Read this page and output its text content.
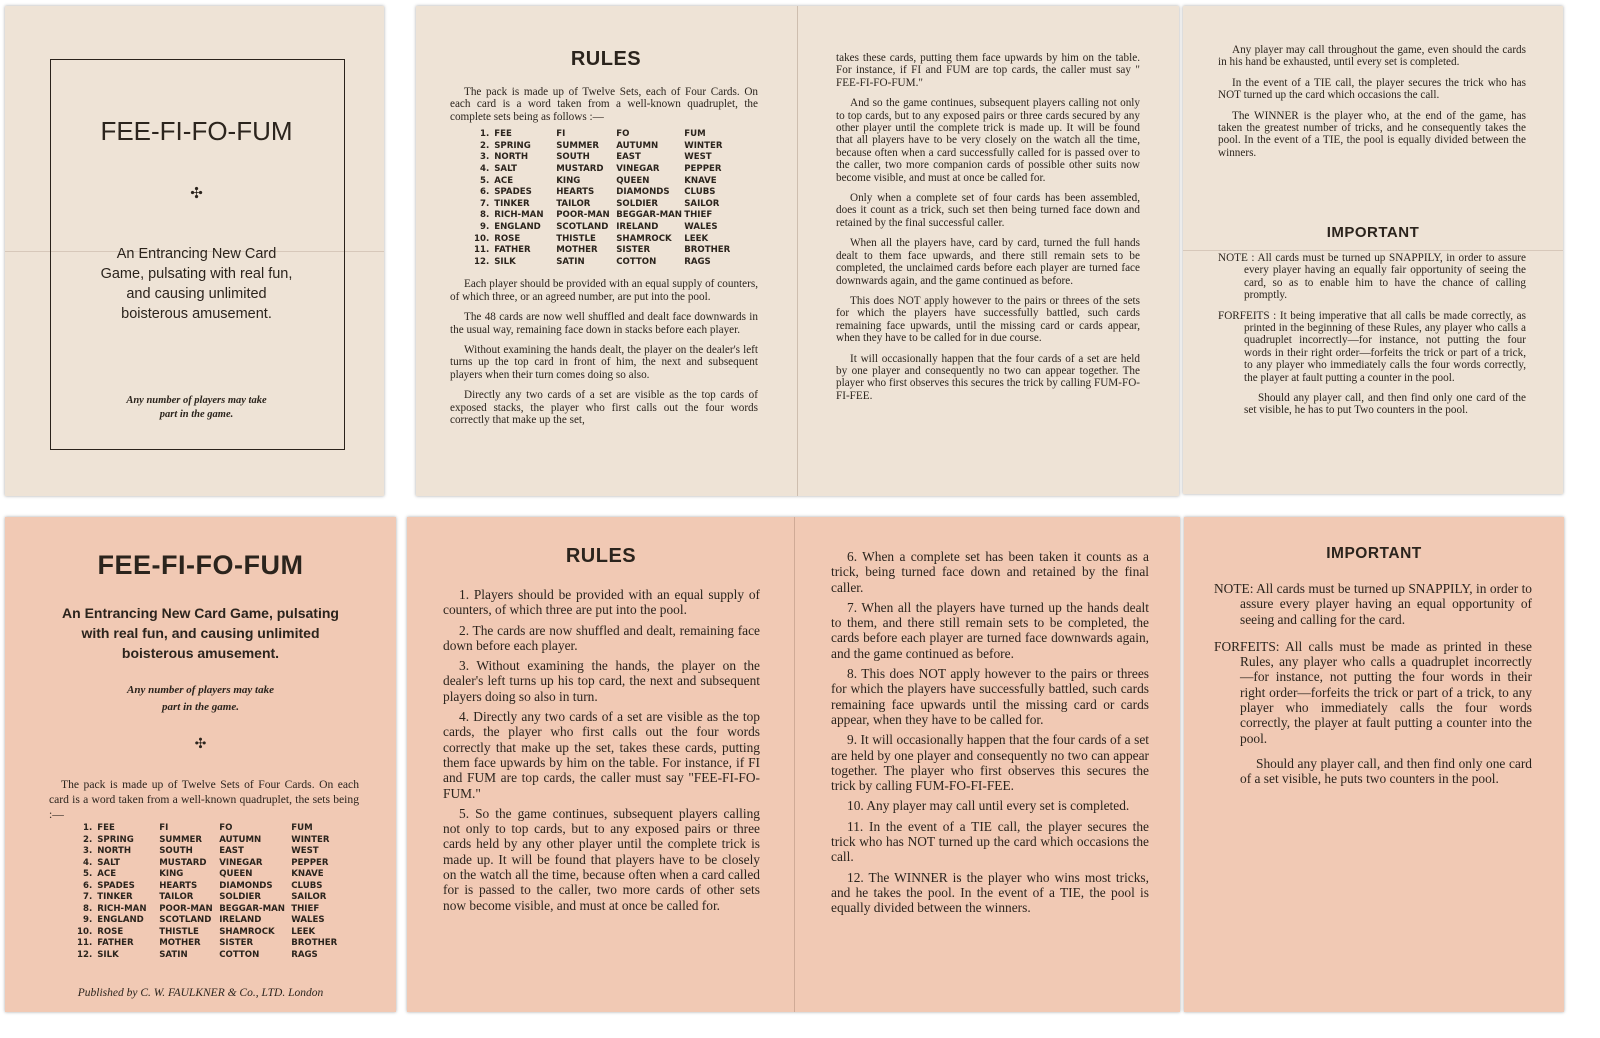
FEE-FI-FO-FUM
✣
An Entrancing New Card Game, pulsating with real fun, and causing unlimited boisterous amusement.
Any number of players may take part in the game.
RULES

The pack is made up of Twelve Sets, each of Four Cards. On each card is a word taken from a well-known quadruplet, the complete sets being as follows :—

1.	FEE	FI	FO	FUM
2.	SPRING	SUMMER	AUTUMN	WINTER
3.	NORTH	SOUTH	EAST	WEST
4.	SALT	MUSTARD	VINEGAR	PEPPER
5.	ACE	KING	QUEEN	KNAVE
6.	SPADES	HEARTS	DIAMONDS	CLUBS
7.	TINKER	TAILOR	SOLDIER	SAILOR
8.	RICH-MAN	POOR-MAN	BEGGAR-MAN	THIEF
9.	ENGLAND	SCOTLAND	IRELAND	WALES
10.	ROSE	THISTLE	SHAMROCK	LEEK
11.	FATHER	MOTHER	SISTER	BROTHER
12.	SILK	SATIN	COTTON	RAGS

Each player should be provided with an equal supply of counters, of which three, or an agreed number, are put into the pool.

The 48 cards are now well shuffled and dealt face downwards in the usual way, remaining face down in stacks before each player.

Without examining the hands dealt, the player on the dealer's left turns up the top card in front of him, the next and subsequent players when their turn comes doing so also.

Directly any two cards of a set are visible as the top cards of exposed stacks, the player who first calls out the four words correctly that make up the set,

takes these cards, putting them face upwards by him on the table. For instance, if FI and FUM are top cards, the caller must say " FEE-FI-FO-FUM."

And so the game continues, subsequent players calling not only to top cards, but to any exposed pairs or three cards secured by any other player until the complete trick is made up. It will be found that all players have to be very closely on the watch all the time, because often when a card successfully called for is passed over to the caller, two more companion cards of possible other suits now become visible, and must at once be called for.

Only when a complete set of four cards has been assembled, does it count as a trick, such set then being turned face down and retained by the final successful caller.

When all the players have, card by card, turned the full hands dealt to them face upwards, and there still remain sets to be completed, the unclaimed cards before each player are turned face downwards again, and the game continued as before.

This does NOT apply however to the pairs or threes of the sets for which the players have successfully battled, such cards remaining face upwards, until the missing card or cards appear, when they have to be called for in due course.

It will occasionally happen that the four cards of a set are held by one player and consequently no two can appear together. The player who first observes this secures the trick by calling FUM-FO-FI-FEE.

Any player may call throughout the game, even should the cards in his hand be exhausted, until every set is completed.

In the event of a TIE call, the player secures the trick who has NOT turned up the card which occasions the call.

The WINNER is the player who, at the end of the game, has taken the greatest number of tricks, and he consequently takes the pool. In the event of a TIE, the pool is equally divided between the winners.

IMPORTANT

NOTE : All cards must be turned up SNAPPILY, in order to assure every player having an equally fair opportunity of seeing the card, so as to enable him to have the chance of calling promptly.

FORFEITS : It being imperative that all calls be made correctly, as printed in the beginning of these Rules, any player who calls a quadruplet incorrectly—for instance, not putting the four words in their right order—forfeits the trick or part of a trick, to any player who immediately calls the four words correctly, the player at fault putting a counter in the pool.

Should any player call, and then find only one card of the set visible, he has to put Two counters in the pool.

FEE-FI-FO-FUM
An Entrancing New Card Game, pulsating with real fun, and causing unlimited boisterous amusement.
Any number of players may take part in the game.
✣
The pack is made up of Twelve Sets of Four Cards. On each card is a word taken from a well-known quadruplet, the sets being :—
1.	FEE	FI	FO	FUM
2.	SPRING	SUMMER	AUTUMN	WINTER
3.	NORTH	SOUTH	EAST	WEST
4.	SALT	MUSTARD	VINEGAR	PEPPER
5.	ACE	KING	QUEEN	KNAVE
6.	SPADES	HEARTS	DIAMONDS	CLUBS
7.	TINKER	TAILOR	SOLDIER	SAILOR
8.	RICH-MAN	POOR-MAN	BEGGAR-MAN	THIEF
9.	ENGLAND	SCOTLAND	IRELAND	WALES
10.	ROSE	THISTLE	SHAMROCK	LEEK
11.	FATHER	MOTHER	SISTER	BROTHER
12.	SILK	SATIN	COTTON	RAGS
Published by C. W. FAULKNER & Co., LTD. London
RULES

1. Players should be provided with an equal supply of counters, of which three are put into the pool.

2. The cards are now shuffled and dealt, remaining face down before each player.

3. Without examining the hands, the player on the dealer's left turns up his top card, the next and subsequent players doing so also in turn.

4. Directly any two cards of a set are visible as the top cards, the player who first calls out the four words correctly that make up the set, takes these cards, putting them face upwards by him on the table. For instance, if FI and FUM are top cards, the caller must say "FEE-FI-FO-FUM."

5. So the game continues, subsequent players calling not only to top cards, but to any exposed pairs or three cards held by any other player until the complete trick is made up. It will be found that players have to be closely on the watch all the time, because often when a card called for is passed to the caller, two more cards of other sets now become visible, and must at once be called for.

6. When a complete set has been taken it counts as a trick, being turned face down and retained by the final caller.

7. When all the players have turned up the hands dealt to them, and there still remain sets to be completed, the cards before each player are turned face downwards again, and the game continued as before.

8. This does NOT apply however to the pairs or threes for which the players have successfully battled, such cards remaining face upwards until the missing card or cards appear, when they have to be called for.

9. It will occasionally happen that the four cards of a set are held by one player and consequently no two can appear together. The player who first observes this secures the trick by calling FUM-FO-FI-FEE.

10. Any player may call until every set is completed.

11. In the event of a TIE call, the player secures the trick who has NOT turned up the card which occasions the call.

12. The WINNER is the player who wins most tricks, and he takes the pool. In the event of a TIE, the pool is equally divided between the winners.

IMPORTANT

NOTE: All cards must be turned up SNAPPILY, in order to assure every player having an equal opportunity of seeing and calling for the card.

FORFEITS: All calls must be made as printed in these Rules, any player who calls a quadruplet incorrectly—for instance, not putting the four words in their right order—forfeits the trick or part of a trick, to any player who immediately calls the four words correctly, the player at fault putting a counter into the pool.

Should any player call, and then find only one card of a set visible, he puts two counters in the pool.
